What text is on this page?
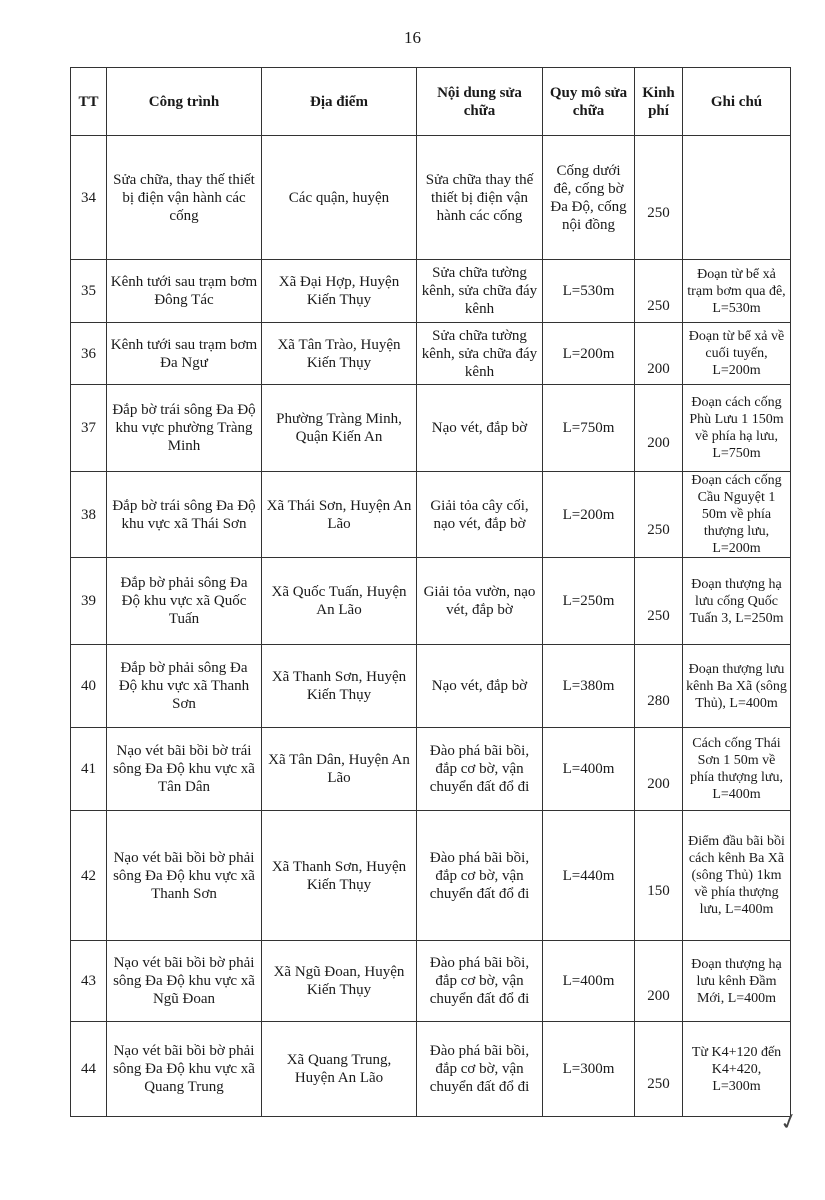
16
TT	Công trình	Địa điểm	Nội dung sửa chữa	Quy mô sửa chữa	Kinh phí	Ghi chú
34	Sửa chữa, thay thế thiết bị điện vận hành các cống	Các quận, huyện	Sửa chữa thay thế thiết bị điện vận hành các cống	Cống dưới đê, cống bờ Đa Độ, cống nội đồng	250	
35	Kênh tưới sau trạm bơm Đông Tác	Xã Đại Hợp, Huyện Kiến Thụy	Sửa chữa tường kênh, sửa chữa đáy kênh	L=530m	250	Đoạn từ bể xả trạm bơm qua đê, L=530m
36	Kênh tưới sau trạm bơm Đa Ngư	Xã Tân Trào, Huyện Kiến Thụy	Sửa chữa tường kênh, sửa chữa đáy kênh	L=200m	200	Đoạn từ bể xả về cuối tuyến, L=200m
37	Đắp bờ trái sông Đa Độ khu vực phường Tràng Minh	Phường Tràng Minh, Quận Kiến An	Nạo vét, đắp bờ	L=750m	200	Đoạn cách cống Phù Lưu 1 150m về phía hạ lưu, L=750m
38	Đắp bờ trái sông Đa Độ khu vực xã Thái Sơn	Xã Thái Sơn, Huyện An Lão	Giải tỏa cây cối, nạo vét, đắp bờ	L=200m	250	Đoạn cách cống Cầu Nguyệt 1 50m về phía thượng lưu, L=200m
39	Đắp bờ phải sông Đa Độ khu vực xã Quốc Tuấn	Xã Quốc Tuấn, Huyện An Lão	Giải tỏa vườn, nạo vét, đắp bờ	L=250m	250	Đoạn thượng hạ lưu cống Quốc Tuấn 3, L=250m
40	Đắp bờ phải sông Đa Độ khu vực xã Thanh Sơn	Xã Thanh Sơn, Huyện Kiến Thụy	Nạo vét, đắp bờ	L=380m	280	Đoạn thượng lưu kênh Ba Xã (sông Thủ), L=400m
41	Nạo vét bãi bồi bờ trái sông Đa Độ khu vực xã Tân Dân	Xã Tân Dân, Huyện An Lão	Đào phá bãi bồi, đắp cơ bờ, vận chuyển đất đổ đi	L=400m	200	Cách cống Thái Sơn 1 50m về phía thượng lưu, L=400m
42	Nạo vét bãi bồi bờ phải sông Đa Độ khu vực xã Thanh Sơn	Xã Thanh Sơn, Huyện Kiến Thụy	Đào phá bãi bồi, đắp cơ bờ, vận chuyển đất đổ đi	L=440m	150	Điểm đầu bãi bồi cách kênh Ba Xã (sông Thủ) 1km về phía thượng lưu, L=400m
43	Nạo vét bãi bồi bờ phải sông Đa Độ khu vực xã Ngũ Đoan	Xã Ngũ Đoan, Huyện Kiến Thụy	Đào phá bãi bồi, đắp cơ bờ, vận chuyển đất đổ đi	L=400m	200	Đoạn thượng hạ lưu kênh Đầm Mới, L=400m
44	Nạo vét bãi bồi bờ phải sông Đa Độ khu vực xã Quang Trung	Xã Quang Trung, Huyện An Lão	Đào phá bãi bồi, đắp cơ bờ, vận chuyển đất đổ đi	L=300m	250	Từ K4+120 đến K4+420, L=300m
✓
